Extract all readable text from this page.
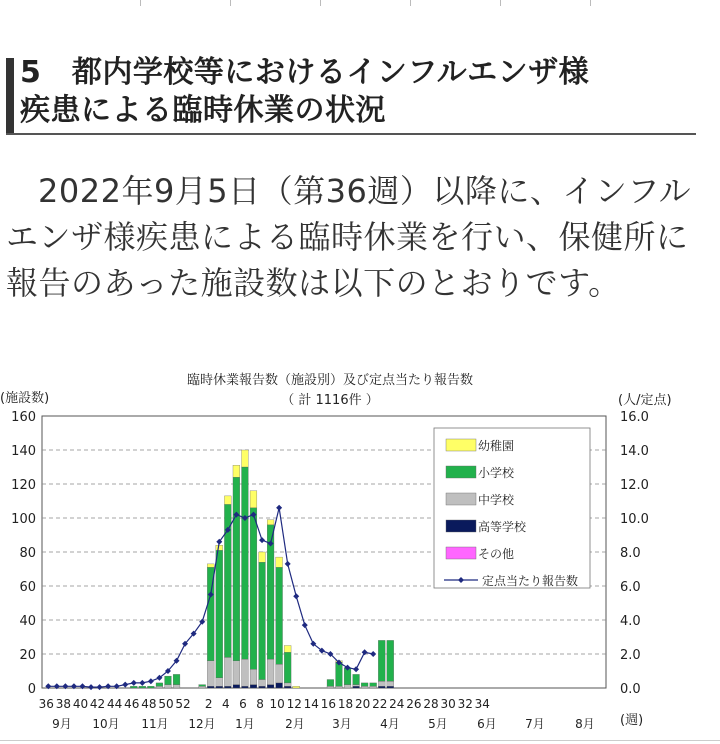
5　都内学校等におけるインフルエンザ様
疾患による臨時休業の状況
2022年9月5日（第36週）以降に、インフルエンザ様疾患による臨時休業を行い、保健所に報告のあった施設数は以下のとおりです。
臨時休業報告数（施設別）及び定点当たり報告数
（ 計 1116件 ）
(施設数)	(人/定点)
(週)
0
20
40
60
80
100
120
140
160
0.0
2.0
4.0
6.0
8.0
10.0
12.0
14.0
16.0
36 38 40 42 44 46 48 50 52 2 4 6 8 10 12 14 16 18 20 22 24 26 28 30 32 34
9月 10月 11月 12月 1月	2月 3月 4月 5月 6月 7月	8月
幼稚園
小学校
中学校
高等学校
その他
定点当たり報告数
